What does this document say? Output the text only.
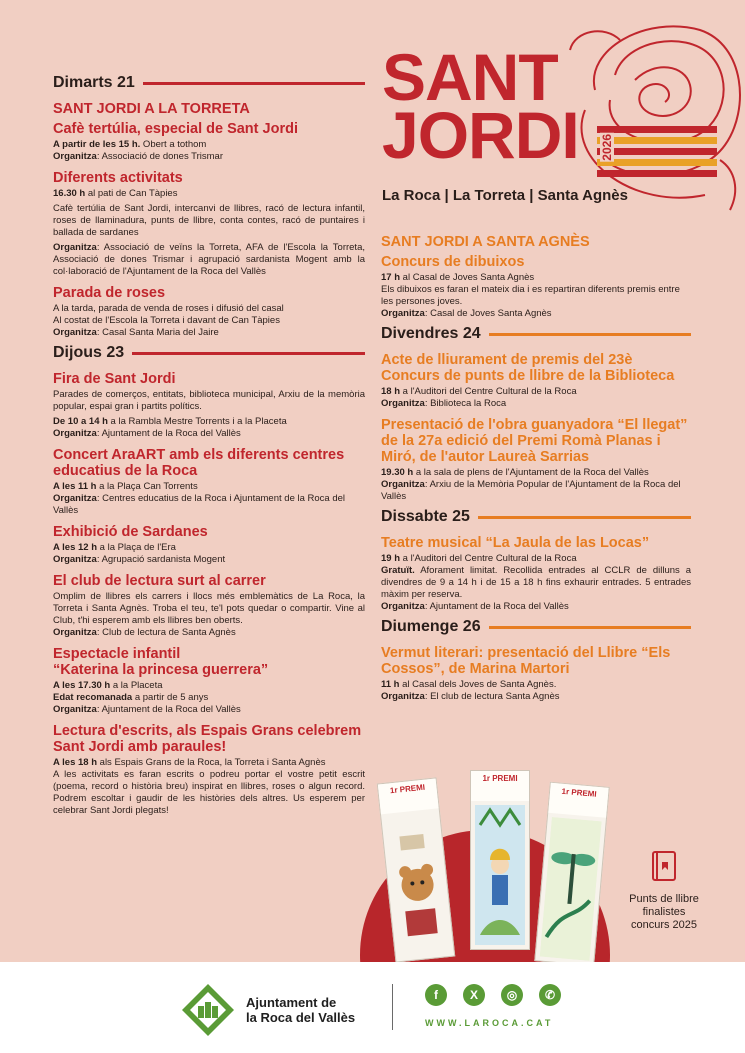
SANT
JORDI	2026
La Roca | La Torreta | Santa Agnès
Dimarts 21
SANT JORDI A LA TORRETA
Cafè tertúlia, especial de Sant Jordi

A partir de les 15 h. Obert a tothom

Organitza: Associació de dones Trismar

Diferents activitats

16.30 h al pati de Can Tàpies

Cafè tertúlia de Sant Jordi, intercanvi de llibres, racó de lectura infantil, roses de llaminadura, punts de llibre, conta contes, racó de puntaires i ballada de sardanes

Organitza: Associació de veïns la Torreta, AFA de l'Escola la Torreta, Associació de dones Trismar i agrupació sardanista Mogent amb la col·laboració de l'Ajuntament de la Roca del Vallès

Parada de roses

A la tarda, parada de venda de roses i difusió del casal

Al costat de l'Escola la Torreta i davant de Can Tàpies

Organitza: Casal Santa Maria del Jaire

Dijous 23
Fira de Sant Jordi

Parades de comerços, entitats, biblioteca municipal, Arxiu de la memòria popular, espai gran i partits polítics.

De 10 a 14 h a la Rambla Mestre Torrents i a la Placeta

Organitza: Ajuntament de la Roca del Vallès

Concert AraART amb els diferents centres educatius de la Roca

A les 11 h a la Plaça Can Torrents

Organitza: Centres educatius de la Roca i Ajuntament de la Roca del Vallès

Exhibició de Sardanes

A les 12 h a la Plaça de l'Era

Organitza: Agrupació sardanista Mogent

El club de lectura surt al carrer

Omplim de llibres els carrers i llocs més emblemàtics de La Roca, la Torreta i Santa Agnès. Troba el teu, te'l pots quedar o compartir. Vine al Club, t'hi esperem amb els llibres ben oberts.

Organitza: Club de lectura de Santa Agnès

Espectacle infantil
“Katerina la princesa guerrera”

A les 17.30 h a la Placeta

Edat recomanada a partir de 5 anys

Organitza: Ajuntament de la Roca del Vallès

Lectura d'escrits, als Espais Grans celebrem Sant Jordi amb paraules!

A les 18 h als Espais Grans de la Roca, la Torreta i Santa Agnès

A les activitats es faran escrits o podreu portar el vostre petit escrit (poema, record o història breu) inspirat en llibres, roses o algun record. Podrem escoltar i gaudir de les històries dels altres. Us esperem per celebrar Sant Jordi plegats!

SANT JORDI A SANTA AGNÈS
Concurs de dibuixos

17 h al Casal de Joves Santa Agnès

Els dibuixos es faran el mateix dia i es repartiran diferents premis entre les persones joves.

Organitza: Casal de Joves Santa Agnès

Divendres 24
Acte de lliurament de premis del 23è Concurs de punts de llibre de la Biblioteca

18 h a l'Auditori del Centre Cultural de la Roca

Organitza: Biblioteca la Roca

Presentació de l'obra guanyadora “El llegat” de la 27a edició del Premi Romà Planas i Miró, de l'autor Laureà Sarrias

19.30 h a la sala de plens de l'Ajuntament de la Roca del Vallès

Organitza: Arxiu de la Memòria Popular de l'Ajuntament de la Roca del Vallès

Dissabte 25
Teatre musical “La Jaula de las Locas”

19 h a l'Auditori del Centre Cultural de la Roca

Gratuït. Aforament limitat. Recollida entrades al CCLR de dilluns a divendres de 9 a 14 h i de 15 a 18 h fins exhaurir entrades. 5 entrades màxim per reserva.

Organitza: Ajuntament de la Roca del Vallès

Diumenge 26
Vermut literari: presentació del Llibre “Els Cossos”, de Marina Martori

11 h al Casal dels Joves de Santa Agnès.

Organitza: El club de lectura Santa Agnès

1r PREMI
1r PREMI
1r PREMI
Punts de llibre
finalistes
concurs 2025
Ajuntament de
la Roca del Vallès
f	X	◎	✆
WWW.LAROCA.CAT
